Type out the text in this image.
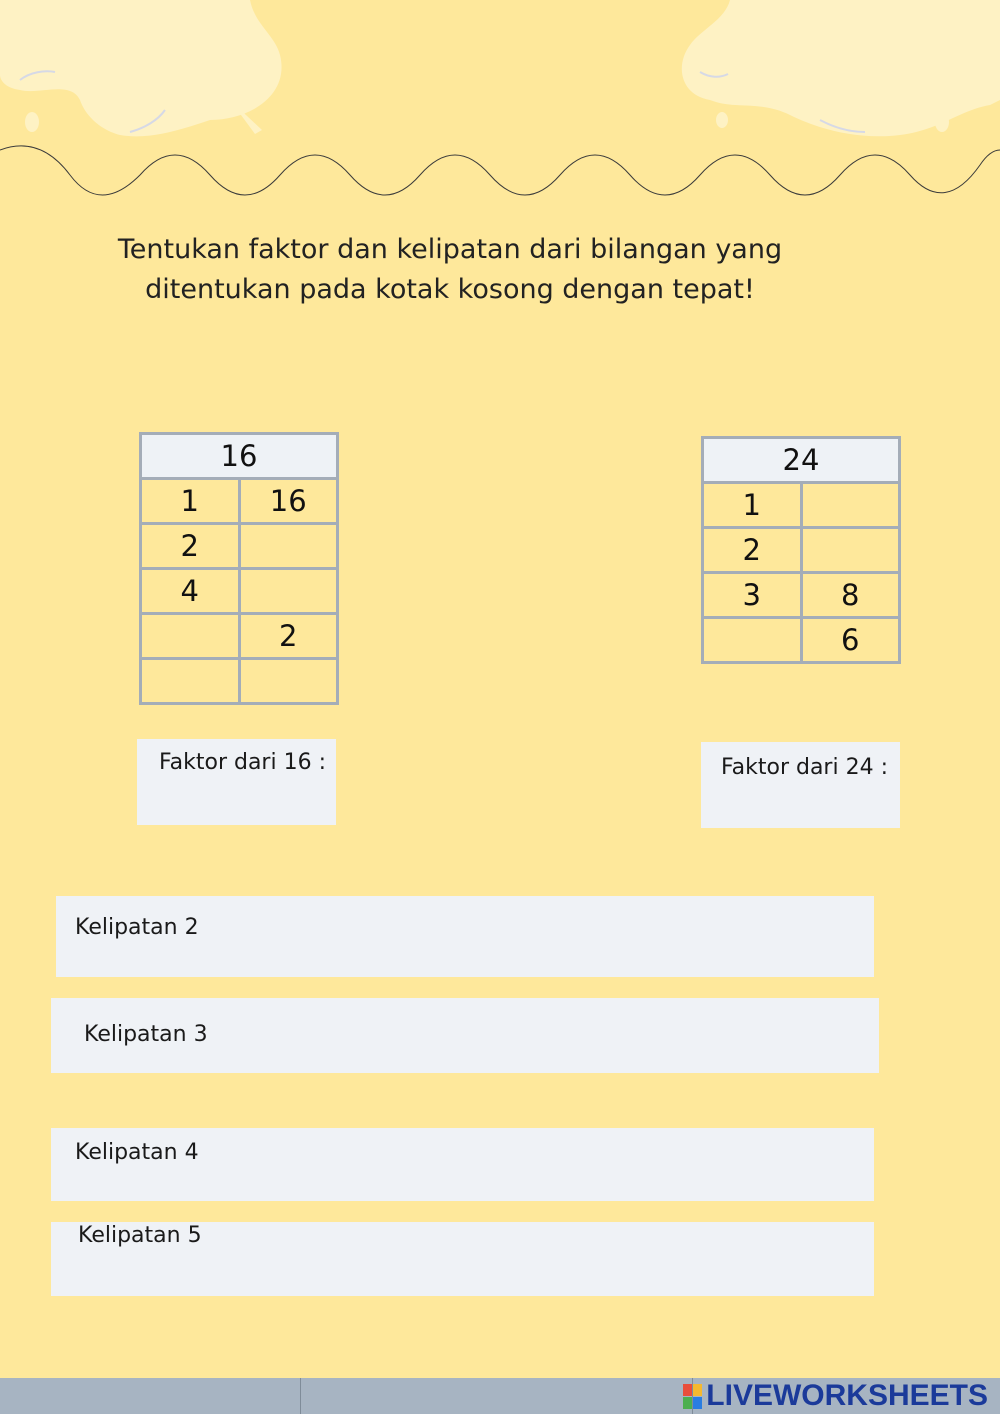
Tentukan faktor dan kelipatan dari bilangan yang
ditentukan pada kotak kosong dengan tepat!
16	
1	16
2	
4	
	2

24	
1	
2	
3	8
	6
Faktor dari 16 :	Faktor dari 24 :
Kelipatan 2
Kelipatan 3
Kelipatan 4
Kelipatan 5
LIVEWORKSHEETS
